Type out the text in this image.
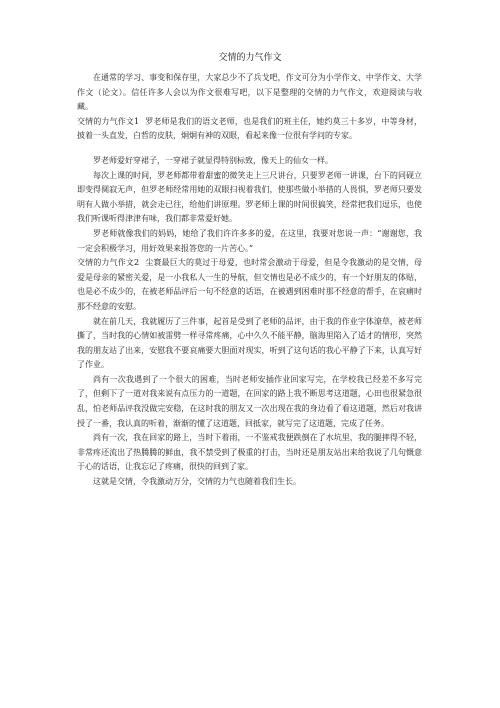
交情的力气作文

在通常的学习、事变和保存里，大家总少不了兵戈吧，作文可分为小学作文、中学作文、大学作文（论文）。信任许多人会以为作文很难写吧，以下是整理的交情的力气作文，欢迎阅读与收藏。

交情的力气作文1 罗老师是我们的语文老师，也是我们的班主任，她约莫三十多岁，中等身材，披着一头直发，白哲的皮肤，炯炯有神的双眼，看起来像一位很有学问的专家。

罗老师爱好穿裙子，一穿裙子就显得特别标致，像天上的仙女一样。

每次上课的时间，罗老师都带着甜蜜的微笑走上三尺讲台，只要罗老师一讲课，台下的同砚立即变得阒寂无声，但罗老师经常用她的双眼扫视着我们，使那些做小举措的人畏惧，罗老师只要发明有人做小举措，就会走已往，给他们讲原理。罗老师上课的时间很搞笑，经常把我们逗乐，也使我们听课听得津津有味，我们都非常爱好她。

罗老师就像我们的妈妈，她给了我们许许多多的爱，在这里，我要对您说一声：“谢谢您，我一定会积极学习，用好效果来报答您的一片苦心。”

交情的力气作文2 尘寰最巨大的莫过于母爱，也时常会激动于母爱，但是令我激动的是交情，母爱是母亲的紧密关爱，是一小我私人一生的导航，但交情也是必不成少的，有一个好朋友的体贴，也是必不成少的，在被老师品评后一句不经意的话语，在被遇到困难时那不经意的帮手，在哀痛时那不经意的安慰。

就在前几天，我就履历了三件事，起首是受到了老师的品评，由于我的作业字体潦草，被老师撕了，当时我的心情如被雷劈一样寻常疼痛，心中久久不能平静，脑海里陷入了适才的情形，突然我的朋友站了出来，安慰我不要哀痛要大胆面对现实，听到了这句话的我心平静了下来，认真写好了作业。

尚有一次我遇到了一个很大的困难，当时老师安插作业回家写完，在学校我已经差不多写完了，但剩下了一道对我来说有点压力的一道题，在回家的路上我不断思考这道题，心田也很紧急很乱，怕老师品评我没做完安稳，在这时我的朋友又一次出现在我的身边看了看这道题，然后对我讲授了一番，我认真的听着，渐渐的懂了这道题，回抵家，就写完了这道题，完成了任务。

尚有一次，我在回家的路上，当时下着雨，一不鉴戒我便跌倒在了水坑里，我的腿摔得不轻，非常疼还流出了热腾腾的鲜血，我不禁受到了极重的打击，当时还是朋友站出来给我说了几句慨意于心的话语，让我忘记了疼痛，很快的回到了家。

这就是交情，令我激动万分，交情的力气也随着我们生长。
